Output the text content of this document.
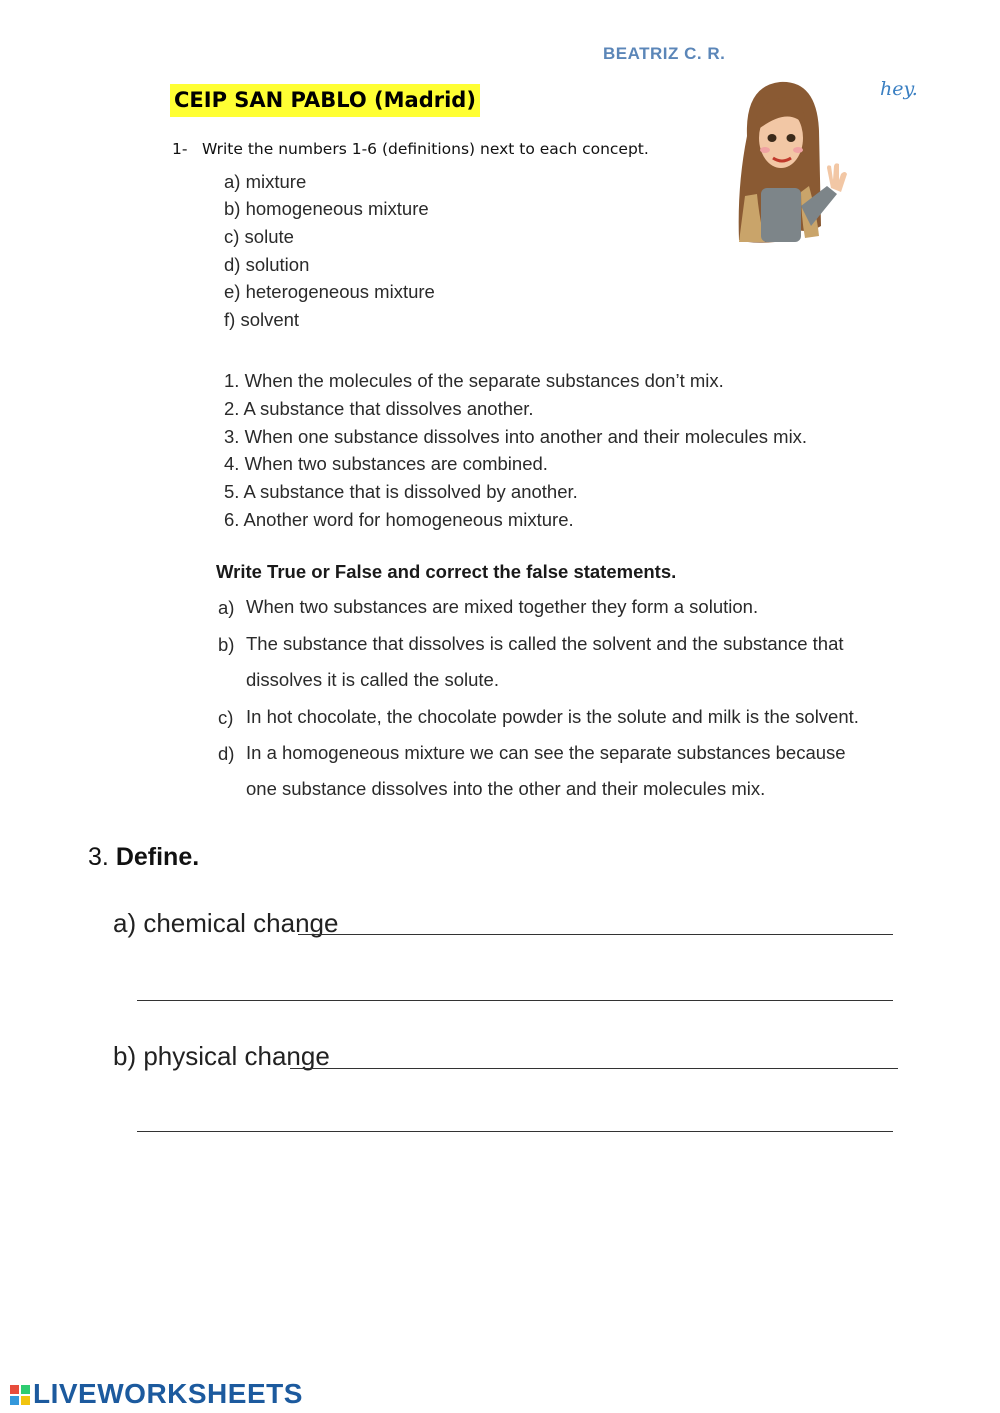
BEATRIZ C. R.
CEIP SAN PABLO (Madrid)	hey.
1- Write the numbers 1-6 (definitions) next to each concept.
a) mixture
b) homogeneous mixture
c) solute
d) solution
e) heterogeneous mixture
f) solvent
1. When the molecules of the separate substances don’t mix.
2. A substance that dissolves another.
3. When one substance dissolves into another and their molecules mix.
4. When two substances are combined.
5. A substance that is dissolved by another.
6. Another word for homogeneous mixture.
Write True or False and correct the false statements.
a) When two substances are mixed together they form a solution.
b) The substance that dissolves is called the solvent and the substance that dissolves it is called the solute.
c) In hot chocolate, the chocolate powder is the solute and milk is the solvent.
d) In a homogeneous mixture we can see the separate substances because one substance dissolves into the other and their molecules mix.
3. Define.
a) chemical change
b) physical change
LIVEWORKSHEETS
